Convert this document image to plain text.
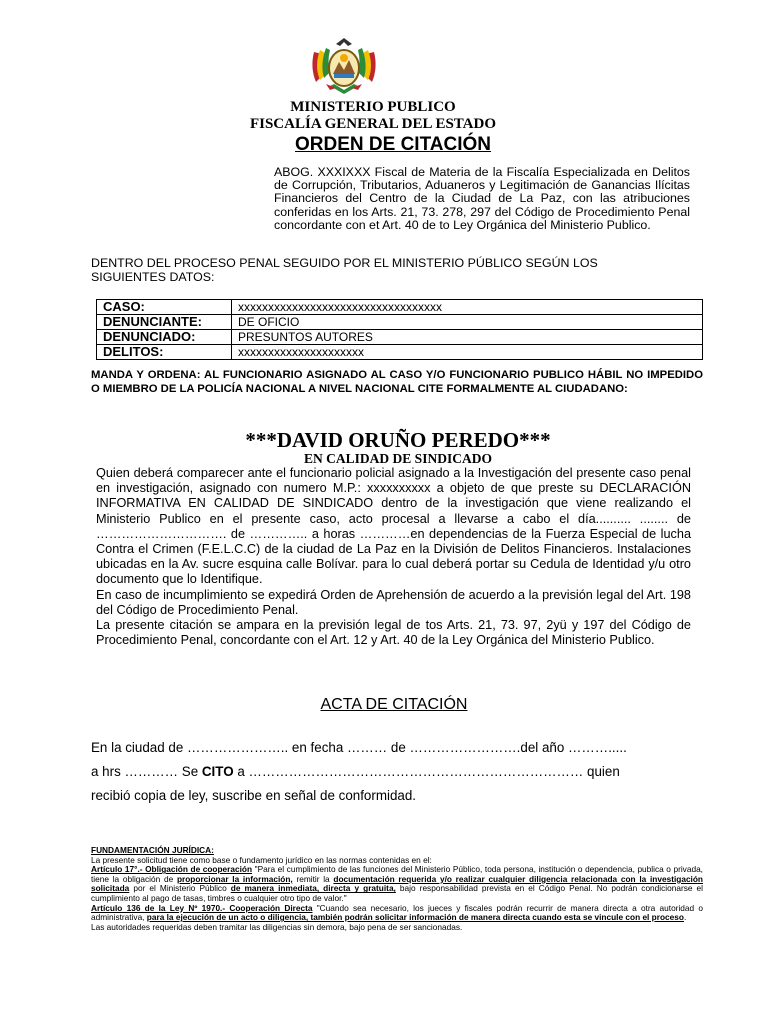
MINISTERIO PUBLICO
FISCALÍA GENERAL DEL ESTADO
ORDEN DE CITACIÓN
ABOG. XXXIXXX Fiscal de Materia de la Fiscalía Especializada en Delitos de Corrupción, Tributarios, Aduaneros y Legitimación de Ganancias Ilícitas Financieros del Centro de la Ciudad de La Paz, con las atribuciones conferidas en los Arts. 21, 73. 278, 297 del Código de Procedimiento Penal concordante con et Art. 40 de to Ley Orgánica del Ministerio Publico.
DENTRO DEL PROCESO PENAL SEGUIDO POR EL MINISTERIO PÚBLICO SEGÚN LOS SIGUIENTES DATOS:
CASO:	xxxxxxxxxxxxxxxxxxxxxxxxxxxxxxxxxx
DENUNCIANTE:	DE OFICIO
DENUNCIADO:	PRESUNTOS AUTORES
DELITOS:	xxxxxxxxxxxxxxxxxxxxx
MANDA Y ORDENA: AL FUNCIONARIO ASIGNADO AL CASO Y/O FUNCIONARIO PUBLICO HÁBIL NO IMPEDIDO O MIEMBRO DE LA POLICÍA NACIONAL A NIVEL NACIONAL CITE FORMALMENTE AL CIUDADANO:
***DAVID ORUÑO PEREDO***
EN CALIDAD DE SINDICADO

Quien deberá comparecer ante el funcionario policial asignado a la Investigación del presente caso penal en investigación, asignado con numero M.P.: xxxxxxxxxx a objeto de que preste su DECLARACIÓN INFORMATIVA EN CALIDAD DE SINDICADO dentro de la investigación que viene realizando el Ministerio Publico en el presente caso, acto procesal a llevarse a cabo el día.......... ........ de …………………………. de ………….. a horas …………en dependencias de la Fuerza Especial de lucha Contra el Crimen (F.E.L.C.C) de la ciudad de La Paz en la División de Delitos Financieros. Instalaciones ubicadas en la Av. sucre esquina calle Bolívar. para lo cual deberá portar su Cedula de Identidad y/u otro documento que lo Identifique.

En caso de incumplimiento se expedirá Orden de Aprehensión de acuerdo a la previsión legal del Art. 198 del Código de Procedimiento Penal.

La presente citación se ampara en la previsión legal de tos Arts. 21, 73. 97, 2yü y 197 del Código de Procedimiento Penal, concordante con el Art. 12 y Art. 40 de la Ley Orgánica del Ministerio Publico.

ACTA DE CITACIÓN
En la ciudad de ………………….. en fecha ……… de …………………….del año ……….....
a hrs ………… Se CITO a ………………………………………………………………… quien
recibió copia de ley, suscribe en señal de conformidad.

FUNDAMENTACIÓN JURÍDICA:

La presente solicitud tiene como base o fundamento jurídico en las normas contenidas en el:

Artículo 17°.- Obligación de cooperación "Para el cumplimiento de las funciones del Ministerio Público, toda persona, institución o dependencia, publica o privada, tiene la obligación de proporcionar la información, remitir la documentación requerida y/o realizar cualquier diligencia relacionada con la investigación solicitada por el Ministerio Público de manera inmediata, directa y gratuita, bajo responsabilidad prevista en el Código Penal. No podrán condicionarse el cumplimiento al pago de tasas, timbres o cualquier otro tipo de valor."

Artículo 136 de la Ley Nº 1970.- Cooperación Directa "Cuando sea necesario, los jueces y fiscales podrán recurrir de manera directa a otra autoridad o administrativa, para la ejecución de un acto o diligencia, también podrán solicitar información de manera directa cuando esta se vincule con el proceso.

Las autoridades requeridas deben tramitar las diligencias sin demora, bajo pena de ser sancionadas.
